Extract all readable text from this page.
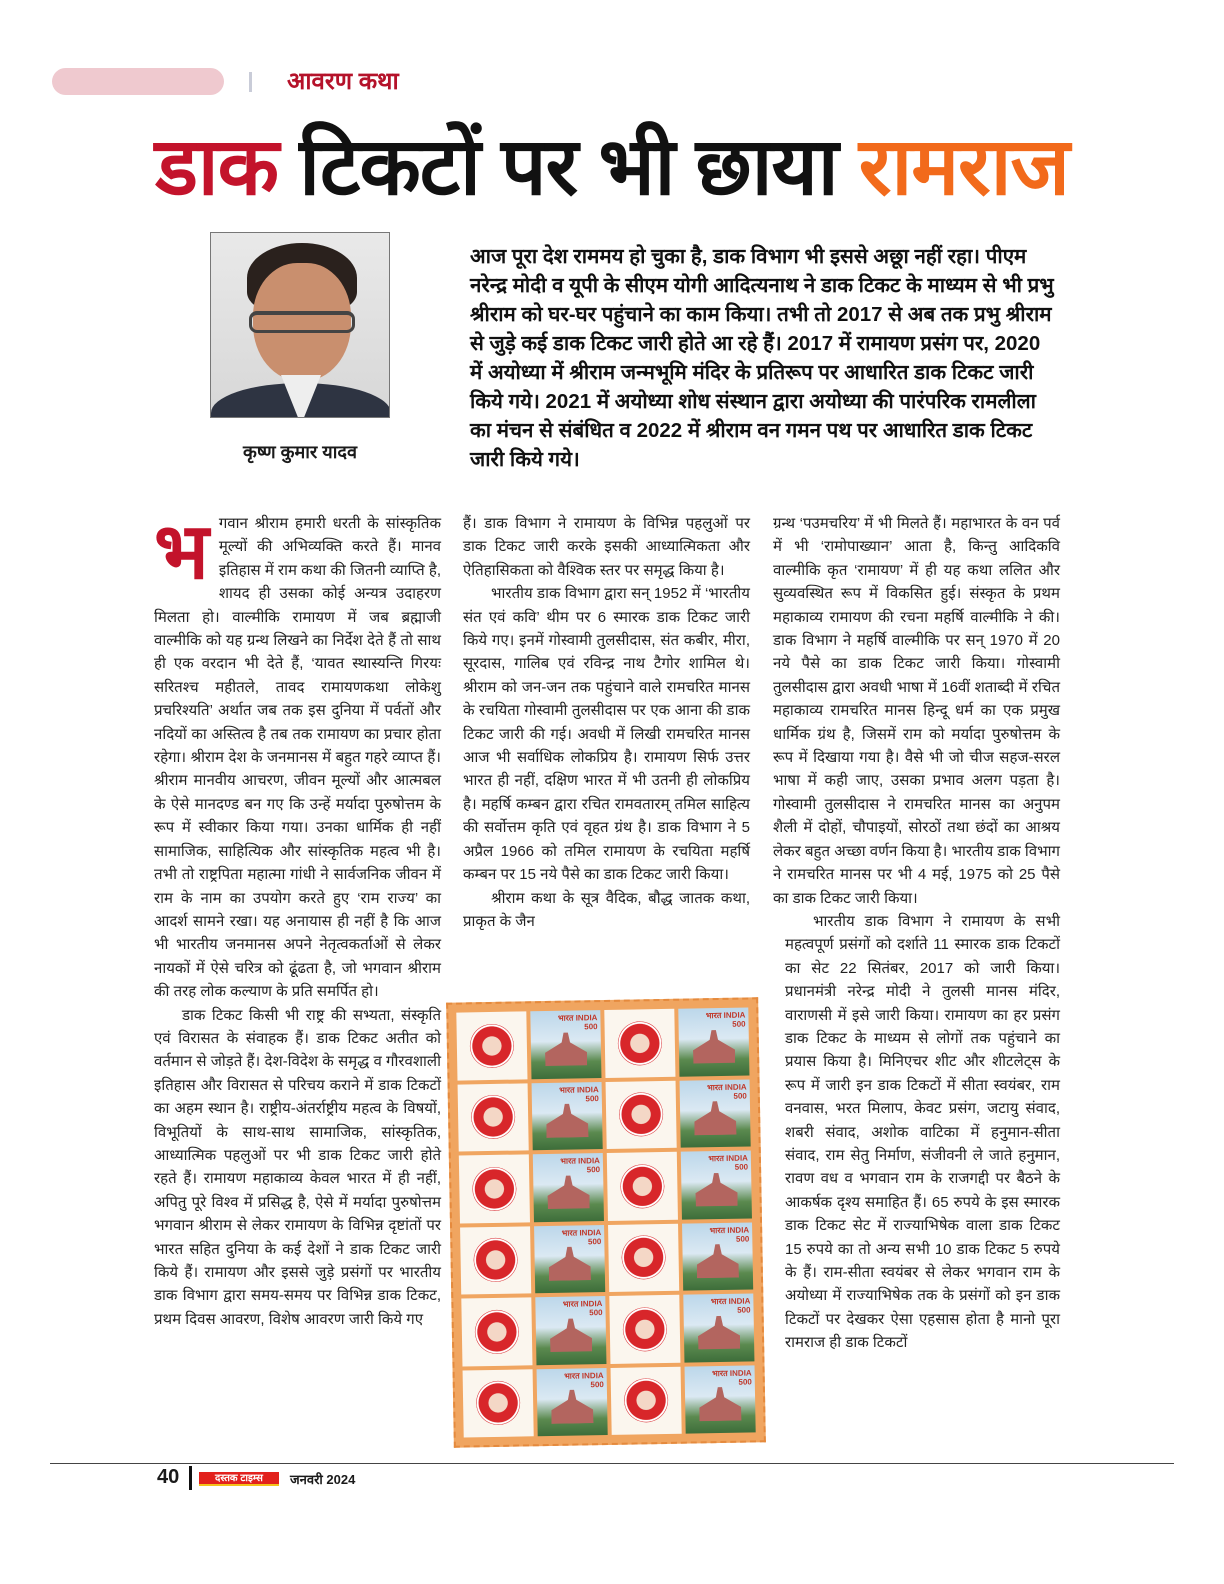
आवरण कथा
डाक टिकटों पर भी छाया रामराज
कृष्ण कुमार यादव

आज पूरा देश राममय हो चुका है, डाक विभाग भी इससे अछूा नहीं रहा। पीएम नरेन्द्र मोदी व यूपी के सीएम योगी आदित्यनाथ ने डाक टिकट के माध्यम से भी प्रभु श्रीराम को घर-घर पहुंचाने का काम किया। तभी तो 2017 से अब तक प्रभु श्रीराम से जुड़े कई डाक टिकट जारी होते आ रहे हैं। 2017 में रामायण प्रसंग पर, 2020 में अयोध्या में श्रीराम जन्मभूमि मंदिर के प्रतिरूप पर आधारित डाक टिकट जारी किये गये। 2021 में अयोध्या शोध संस्थान द्वारा अयोध्या की पारंपरिक रामलीला का मंचन से संबंधित व 2022 में श्रीराम वन गमन पथ पर आधारित डाक टिकट जारी किये गये।

भगवान श्रीराम हमारी धरती के सांस्कृतिक मूल्यों की अभिव्यक्ति करते हैं। मानव इतिहास में राम कथा की जितनी व्याप्ति है, शायद ही उसका कोई अन्यत्र उदाहरण मिलता हो। वाल्मीकि रामायण में जब ब्रह्माजी वाल्मीकि को यह ग्रन्थ लिखने का निर्देश देते हैं तो साथ ही एक वरदान भी देते हैं, ‘यावत स्थास्यन्ति गिरयः सरितश्च महीतले, तावद रामायणकथा लोकेशु प्रचरिश्यति’ अर्थात जब तक इस दुनिया में पर्वतों और नदियों का अस्तित्व है तब तक रामायण का प्रचार होता रहेगा। श्रीराम देश के जनमानस में बहुत गहरे व्याप्त हैं। श्रीराम मानवीय आचरण, जीवन मूल्यों और आत्मबल के ऐसे मानदण्ड बन गए कि उन्हें मर्यादा पुरुषोत्तम के रूप में स्वीकार किया गया। उनका धार्मिक ही नहीं सामाजिक, साहित्यिक और सांस्कृतिक महत्व भी है। तभी तो राष्ट्रपिता महात्मा गांधी ने सार्वजनिक जीवन में राम के नाम का उपयोग करते हुए ‘राम राज्य’ का आदर्श सामने रखा। यह अनायास ही नहीं है कि आज भी भारतीय जनमानस अपने नेतृत्वकर्ताओं से लेकर नायकों में ऐसे चरित्र को ढूंढता है, जो भगवान श्रीराम की तरह लोक कल्याण के प्रति समर्पित हो।

डाक टिकट किसी भी राष्ट्र की सभ्यता, संस्कृति एवं विरासत के संवाहक हैं। डाक टिकट अतीत को वर्तमान से जोड़ते हैं। देश-विदेश के समृद्ध व गौरवशाली इतिहास और विरासत से परिचय कराने में डाक टिकटों का अहम स्थान है। राष्ट्रीय-अंतर्राष्ट्रीय महत्व के विषयों, विभूतियों के साथ-साथ सामाजिक, सांस्कृतिक, आध्यात्मिक पहलुओं पर भी डाक टिकट जारी होते रहते हैं। रामायण महाकाव्य केवल भारत में ही नहीं, अपितु पूरे विश्व में प्रसिद्ध है, ऐसे में मर्यादा पुरुषोत्तम भगवान श्रीराम से लेकर रामायण के विभिन्न दृष्टांतों पर भारत सहित दुनिया के कई देशों ने डाक टिकट जारी किये हैं। रामायण और इससे जुड़े प्रसंगों पर भारतीय डाक विभाग द्वारा समय-समय पर विभिन्न डाक टिकट, प्रथम दिवस आवरण, विशेष आवरण जारी किये गए

हैं। डाक विभाग ने रामायण के विभिन्न पहलुओं पर डाक टिकट जारी करके इसकी आध्यात्मिकता और ऐतिहासिकता को वैश्विक स्तर पर समृद्ध किया है।

भारतीय डाक विभाग द्वारा सन् 1952 में ‘भारतीय संत एवं कवि’ थीम पर 6 स्मारक डाक टिकट जारी किये गए। इनमें गोस्वामी तुलसीदास, संत कबीर, मीरा, सूरदास, गालिब एवं रविन्द्र नाथ टैगोर शामिल थे। श्रीराम को जन-जन तक पहुंचाने वाले रामचरित मानस के रचयिता गोस्वामी तुलसीदास पर एक आना की डाक टिकट जारी की गई। अवधी में लिखी रामचरित मानस आज भी सर्वाधिक लोकप्रिय है। रामायण सिर्फ उत्तर भारत ही नहीं, दक्षिण भारत में भी उतनी ही लोकप्रिय है। महर्षि कम्बन द्वारा रचित रामवतारम् तमिल साहित्य की सर्वोत्तम कृति एवं वृहत ग्रंथ है। डाक विभाग ने 5 अप्रैल 1966 को तमिल रामायण के रचयिता महर्षि कम्बन पर 15 नये पैसे का डाक टिकट जारी किया।

श्रीराम कथा के सूत्र वैदिक, बौद्ध जातक कथा, प्राकृत के जैन

ग्रन्थ ‘पउमचरिय’ में भी मिलते हैं। महाभारत के वन पर्व में भी ‘रामोपाख्यान’ आता है, किन्तु आदिकवि वाल्मीकि कृत ‘रामायण’ में ही यह कथा ललित और सुव्यवस्थित रूप में विकसित हुई। संस्कृत के प्रथम महाकाव्य रामायण की रचना महर्षि वाल्मीकि ने की। डाक विभाग ने महर्षि वाल्मीकि पर सन् 1970 में 20 नये पैसे का डाक टिकट जारी किया। गोस्वामी तुलसीदास द्वारा अवधी भाषा में 16वीं शताब्दी में रचित महाकाव्य रामचरित मानस हिन्दू धर्म का एक प्रमुख धार्मिक ग्रंथ है, जिसमें राम को मर्यादा पुरुषोत्तम के रूप में दिखाया गया है। वैसे भी जो चीज सहज-सरल भाषा में कही जाए, उसका प्रभाव अलग पड़ता है। गोस्वामी तुलसीदास ने रामचरित मानस का अनुपम शैली में दोहों, चौपाइयों, सोरठों तथा छंदों का आश्रय लेकर बहुत अच्छा वर्णन किया है। भारतीय डाक विभाग ने रामचरित मानस पर भी 4 मई, 1975 को 25 पैसे का डाक टिकट जारी किया।

भारतीय डाक विभाग ने रामायण के सभी महत्वपूर्ण प्रसंगों को दर्शाते 11 स्मारक डाक टिकटों का सेट 22 सितंबर, 2017 को जारी किया। प्रधानमंत्री नरेन्द्र मोदी ने तुलसी मानस मंदिर, वाराणसी में इसे जारी किया। रामायण का हर प्रसंग डाक टिकट के माध्यम से लोगों तक पहुंचाने का प्रयास किया है। मिनिएचर शीट और शीटलेट्स के रूप में जारी इन डाक टिकटों में सीता स्वयंबर, राम वनवास, भरत मिलाप, केवट प्रसंग, जटायु संवाद, शबरी संवाद, अशोक वाटिका में हनुमान-सीता संवाद, राम सेतु निर्माण, संजीवनी ले जाते हनुमान, रावण वध व भगवान राम के राजगद्दी पर बैठने के आकर्षक दृश्य समाहित हैं। 65 रुपये के इस स्मारक डाक टिकट सेट में राज्याभिषेक वाला डाक टिकट 15 रुपये का तो अन्य सभी 10 डाक टिकट 5 रुपये के हैं। राम-सीता स्वयंबर से लेकर भगवान राम के अयोध्या में राज्याभिषेक तक के प्रसंगों को इन डाक टिकटों पर देखकर ऐसा एहसास होता है मानो पूरा रामराज ही डाक टिकटों

भारत INDIA
500
भारत INDIA
500
भारत INDIA
500
भारत INDIA
500
भारत INDIA
500
भारत INDIA
500
भारत INDIA
500
भारत INDIA
500
भारत INDIA
500
भारत INDIA
500
भारत INDIA
500
भारत INDIA
500
40	दस्तक टाइम्स	जनवरी 2024
